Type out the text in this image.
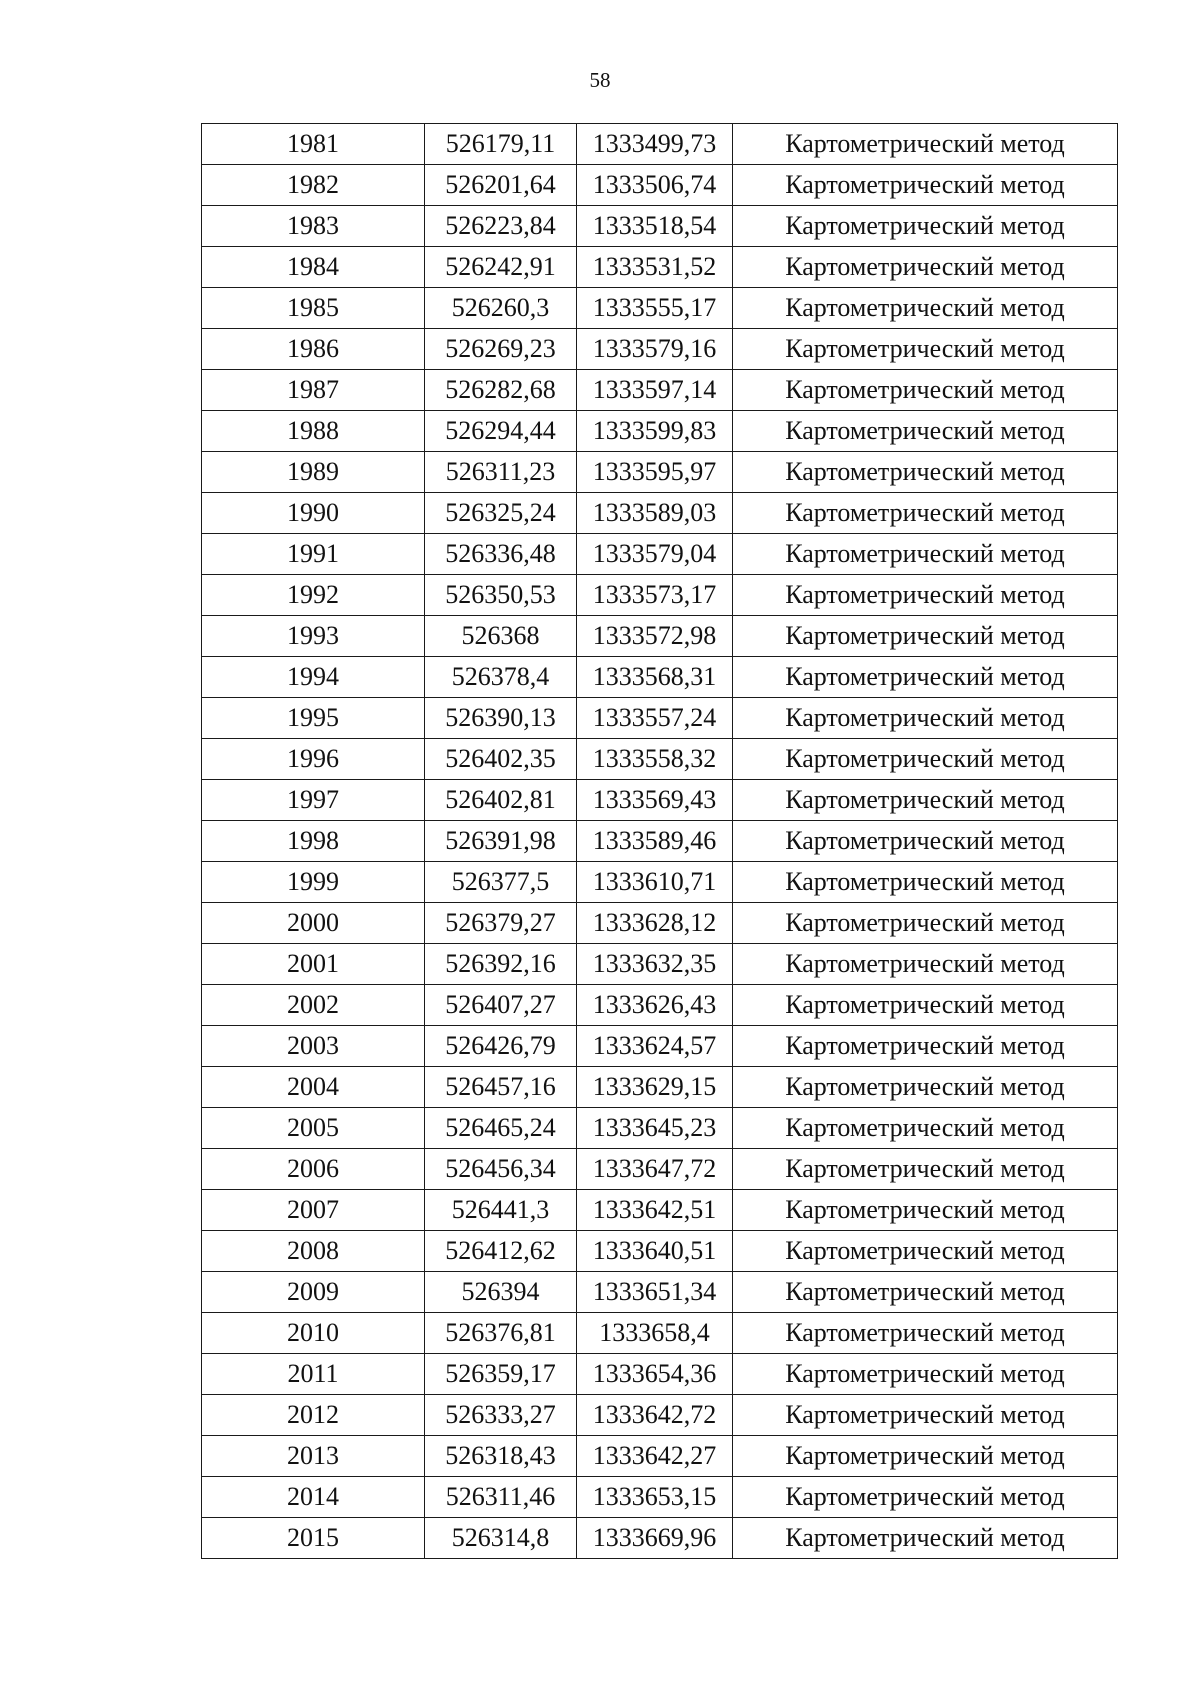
58
1981	526179,11	1333499,73	Картометрический метод
1982	526201,64	1333506,74	Картометрический метод
1983	526223,84	1333518,54	Картометрический метод
1984	526242,91	1333531,52	Картометрический метод
1985	526260,3	1333555,17	Картометрический метод
1986	526269,23	1333579,16	Картометрический метод
1987	526282,68	1333597,14	Картометрический метод
1988	526294,44	1333599,83	Картометрический метод
1989	526311,23	1333595,97	Картометрический метод
1990	526325,24	1333589,03	Картометрический метод
1991	526336,48	1333579,04	Картометрический метод
1992	526350,53	1333573,17	Картометрический метод
1993	526368	1333572,98	Картометрический метод
1994	526378,4	1333568,31	Картометрический метод
1995	526390,13	1333557,24	Картометрический метод
1996	526402,35	1333558,32	Картометрический метод
1997	526402,81	1333569,43	Картометрический метод
1998	526391,98	1333589,46	Картометрический метод
1999	526377,5	1333610,71	Картометрический метод
2000	526379,27	1333628,12	Картометрический метод
2001	526392,16	1333632,35	Картометрический метод
2002	526407,27	1333626,43	Картометрический метод
2003	526426,79	1333624,57	Картометрический метод
2004	526457,16	1333629,15	Картометрический метод
2005	526465,24	1333645,23	Картометрический метод
2006	526456,34	1333647,72	Картометрический метод
2007	526441,3	1333642,51	Картометрический метод
2008	526412,62	1333640,51	Картометрический метод
2009	526394	1333651,34	Картометрический метод
2010	526376,81	1333658,4	Картометрический метод
2011	526359,17	1333654,36	Картометрический метод
2012	526333,27	1333642,72	Картометрический метод
2013	526318,43	1333642,27	Картометрический метод
2014	526311,46	1333653,15	Картометрический метод
2015	526314,8	1333669,96	Картометрический метод
